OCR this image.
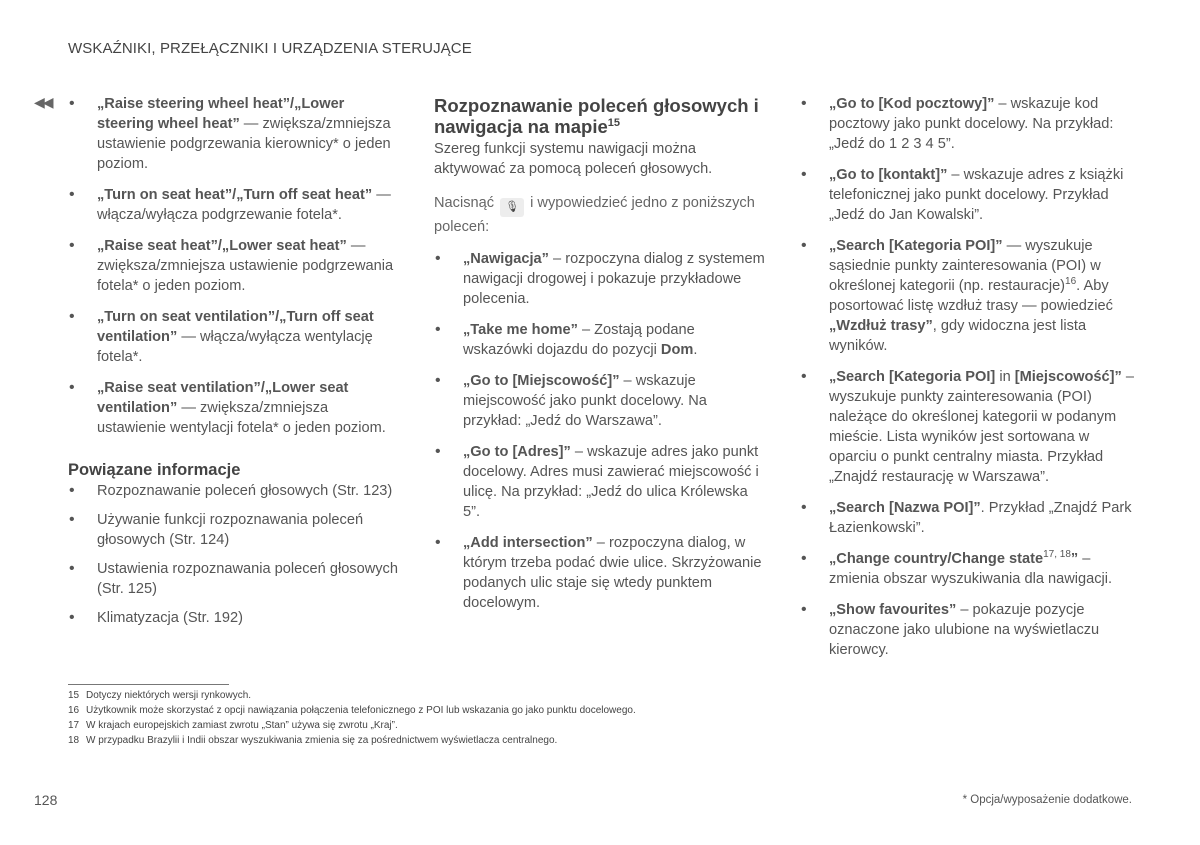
WSKAŹNIKI, PRZEŁĄCZNIKI I URZĄDZENIA STERUJĄCE
◀◀
•	„Raise steering wheel heat”/„Lower steering wheel heat” — zwiększa/zmniejsza ustawienie podgrzewania kierownicy* o jeden poziom.
• „Turn on seat heat”/„Turn off seat heat” — włącza/wyłącza podgrzewanie fotela*.
• „Raise seat heat”/„Lower seat heat” — zwiększa/zmniejsza ustawienie podgrzewania fotela* o jeden poziom.
• „Turn on seat ventilation”/„Turn off seat ventilation” — włącza/wyłącza wentylację fotela*.
• „Raise seat ventilation”/„Lower seat ventilation” — zwiększa/zmniejsza ustawienie wentylacji fotela* o jeden poziom.
Powiązane informacje
• Rozpoznawanie poleceń głosowych (Str. 123)
• Używanie funkcji rozpoznawania poleceń głosowych (Str. 124)
• Ustawienia rozpoznawania poleceń głosowych (Str. 125)
• Klimatyzacja (Str. 192)
Rozpoznawanie poleceń głosowych i nawigacja na mapie$^{15}$

Szereg funkcji systemu nawigacji można aktywować za pomocą poleceń głosowych.

Nacisnąć 🎙 i wypowiedzieć jedno z poniższych poleceń:

• „Nawigacja” – rozpoczyna dialog z systemem nawigacji drogowej i pokazuje przykładowe polecenia.
• „Take me home” – Zostają podane wskazówki dojazdu do pozycji Dom.
• „Go to [Miejscowość]” – wskazuje miejscowość jako punkt docelowy. Na przykład: „Jedź do Warszawa”.
• „Go to [Adres]” – wskazuje adres jako punkt docelowy. Adres musi zawierać miejscowość i ulicę. Na przykład: „Jedź do ulica Królewska 5”.
• „Add intersection” – rozpoczyna dialog, w którym trzeba podać dwie ulice. Skrzyżowanie podanych ulic staje się wtedy punktem docelowym.
• „Go to [Kod pocztowy]” – wskazuje kod pocztowy jako punkt docelowy. Na przykład: „Jedź do 1 2 3 4 5”.
• „Go to [kontakt]” – wskazuje adres z książki telefonicznej jako punkt docelowy. Przykład „Jedź do Jan Kowalski”.
• „Search [Kategoria POI]” — wyszukuje sąsiednie punkty zainteresowania (POI) w określonej kategorii (np. restauracje)$^{16}$. Aby posortować listę wzdłuż trasy — powiedzieć „Wzdłuż trasy”, gdy widoczna jest lista wyników.
• „Search [Kategoria POI] in [Miejscowość]” – wyszukuje punkty zainteresowania (POI) należące do określonej kategorii w podanym mieście. Lista wyników jest sortowana w oparciu o punkt centralny miasta. Przykład „Znajdź restaurację w Warszawa”.
• „Search [Nazwa POI]”. Przykład „Znajdź Park Łazienkowski”.
• „Change country/Change state$^{17, 18}$” – zmienia obszar wyszukiwania dla nawigacji.
• „Show favourites” – pokazuje pozycje oznaczone jako ulubione na wyświetlaczu kierowcy.
15 Dotyczy niektórych wersji rynkowych.
16 Użytkownik może skorzystać z opcji nawiązania połączenia telefonicznego z POI lub wskazania go jako punktu docelowego.
17 W krajach europejskich zamiast zwrotu „Stan” używa się zwrotu „Kraj”.
18 W przypadku Brazylii i Indii obszar wyszukiwania zmienia się za pośrednictwem wyświetlacza centralnego.
128	* Opcja/wyposażenie dodatkowe.
